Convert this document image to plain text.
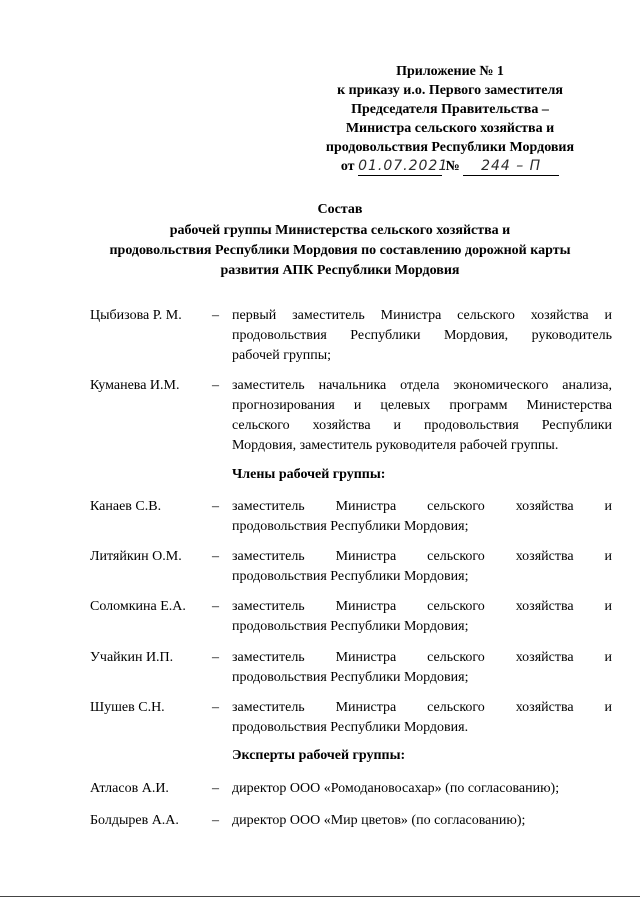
Приложение № 1
к приказу и.о. Первого заместителя
Председателя Правительства –
Министра сельского хозяйства и
продовольствия Республики Мордовия
от 01.07.2021 № 244 – П
Состав
рабочей группы Министерства сельского хозяйства и
продовольствия Республики Мордовия по составлению дорожной карты
развития АПК Республики Мордовия
Цыбизова Р. М. – первый заместитель Министра сельского хозяйства и
продовольствия Республики Мордовия, руководитель
рабочей группы;
Куманева И.М. – заместитель начальника отдела экономического анализа,
прогнозирования и целевых программ Министерства
сельского хозяйства и продовольствия Республики
Мордовия, заместитель руководителя рабочей группы.
Члены рабочей группы:
Канаев С.В.	– заместитель Министра сельского хозяйства и
продовольствия Республики Мордовия;
Литяйкин О.М. – заместитель Министра сельского хозяйства и
продовольствия Республики Мордовия;
Соломкина Е.А. – заместитель Министра сельского хозяйства и
продовольствия Республики Мордовия;
Учайкин И.П.	– заместитель Министра сельского хозяйства и
продовольствия Республики Мордовия;
Шушев С.Н.	– заместитель Министра сельского хозяйства и
продовольствия Республики Мордовия.
Эксперты рабочей группы:
Атласов А.И.	– директор ООО «Ромодановосахар» (по согласованию);
Болдырев А.А. – директор ООО «Мир цветов» (по согласованию);
